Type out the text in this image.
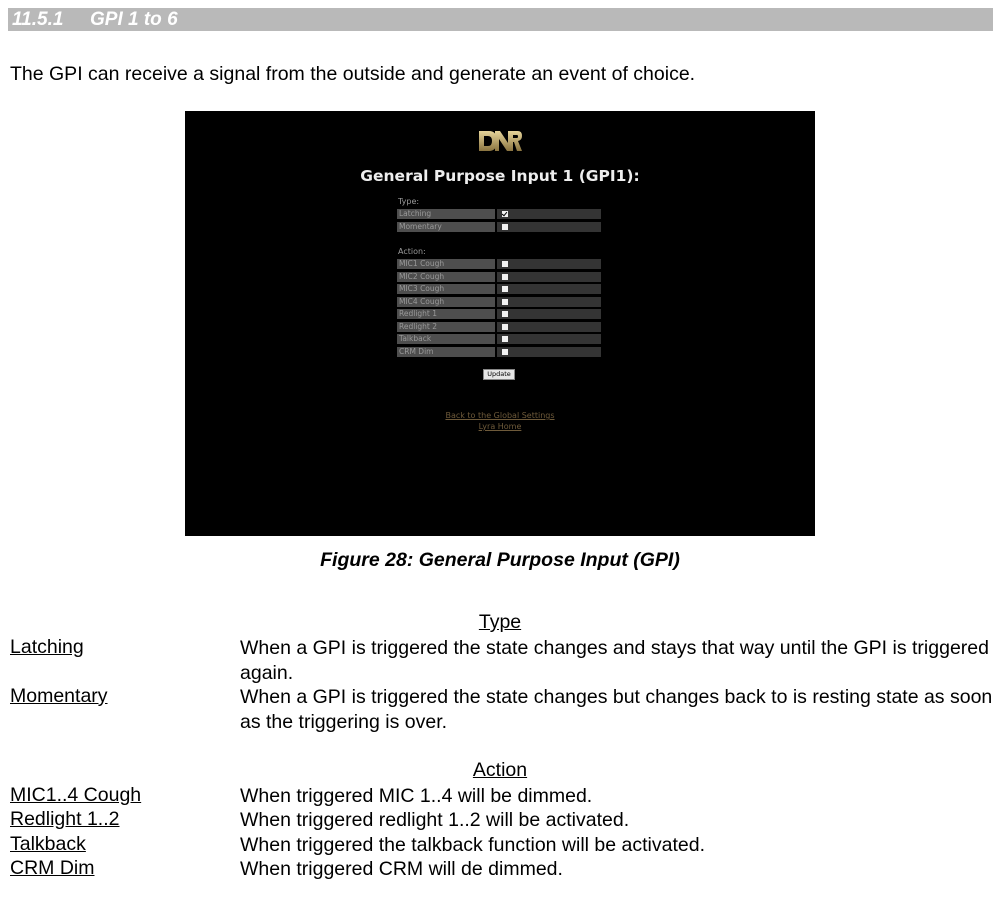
11.5.1 GPI 1 to 6
The GPI can receive a signal from the outside and generate an event of choice.
General Purpose Input 1 (GPI1):
Type:
Latching
Momentary
Action:
MIC1 Cough
MIC2 Cough
MIC3 Cough
MIC4 Cough
Redlight 1
Redlight 2
Talkback
CRM Dim
Update
Back to the Global Settings
Lyra Home
Figure 28: General Purpose Input (GPI)
Type
Latching	When a GPI is triggered the state changes and stays that way until the GPI is triggered again.
Momentary	When a GPI is triggered the state changes but changes back to is resting state as soon as the triggering is over.
Action
MIC1..4 Cough	When triggered MIC 1..4 will be dimmed.
Redlight 1..2	When triggered redlight 1..2 will be activated.
Talkback	When triggered the talkback function will be activated.
CRM Dim	When triggered CRM will de dimmed.
